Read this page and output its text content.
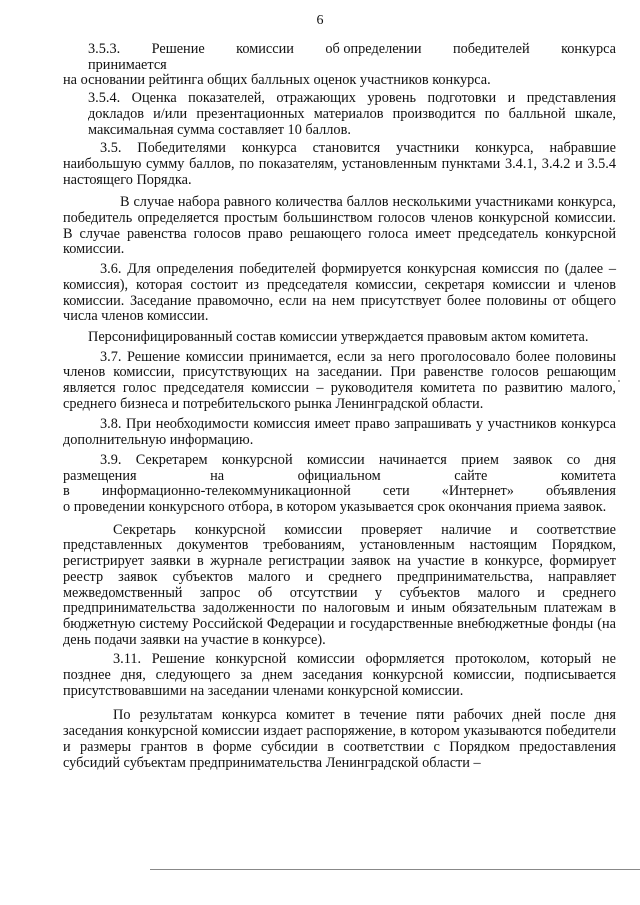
6
3.5.3. Решение комиссии об определении победителей конкурса
принимается
на основании рейтинга общих балльных оценок участников конкурса.
3.5.4. Оценка показателей, отражающих уровень подготовки и представления
докладов и/или презентационных материалов производится по балльной шкале,
максимальная сумма составляет 10 баллов.

3.5. Победителями конкурса становится участники конкурса, набравшие наибольшую сумму баллов, по показателям, установленным пунктами 3.4.1, 3.4.2 и 3.5.4 настоящего Порядка.

В случае набора равного количества баллов несколькими участниками конкурса, победитель определяется простым большинством голосов членов конкурсной комиссии. В случае равенства голосов право решающего голоса имеет председатель конкурсной комиссии.

3.6. Для определения победителей формируется конкурсная комиссия по (далее – комиссия), которая состоит из председателя комиссии, секретаря комиссии и членов комиссии. Заседание правомочно, если на нем присутствует более половины от общего числа членов комиссии.

Персонифицированный состав комиссии утверждается правовым актом комитета.

3.7. Решение комиссии принимается, если за него проголосовало более половины членов комиссии, присутствующих на заседании. При равенстве голосов решающим является голос председателя комиссии – руководителя комитета по развитию малого, среднего бизнеса и потребительского рынка Ленинградской области.

3.8. При необходимости комиссия имеет право запрашивать у участников конкурса дополнительную информацию.

3.9. Секретарем конкурсной комиссии начинается прием заявок со дня
размещения	на	официальном	сайте	комитета
в информационно-телекоммуникационной сети «Интернет» объявления

о проведении конкурсного отбора, в котором указывается срок окончания приема заявок.

Секретарь конкурсной комиссии проверяет наличие и соответствие представленных документов требованиям, установленным настоящим Порядком, регистрирует заявки в журнале регистрации заявок на участие в конкурсе, формирует реестр заявок субъектов малого и среднего предпринимательства, направляет межведомственный запрос об отсутствии у субъектов малого и среднего предпринимательства задолженности по налоговым и иным обязательным платежам в бюджетную систему Российской Федерации и государственные внебюджетные фонды (на день подачи заявки на участие в конкурсе).

3.11. Решение конкурсной комиссии оформляется протоколом, который не позднее дня, следующего за днем заседания конкурсной комиссии, подписывается присутствовавшими на заседании членами конкурсной комиссии.

По результатам конкурса комитет в течение пяти рабочих дней после дня заседания конкурсной комиссии издает распоряжение, в котором указываются победители и размеры грантов в форме субсидии в соответствии с Порядком предоставления субсидий субъектам предпринимательства Ленинградской области –
